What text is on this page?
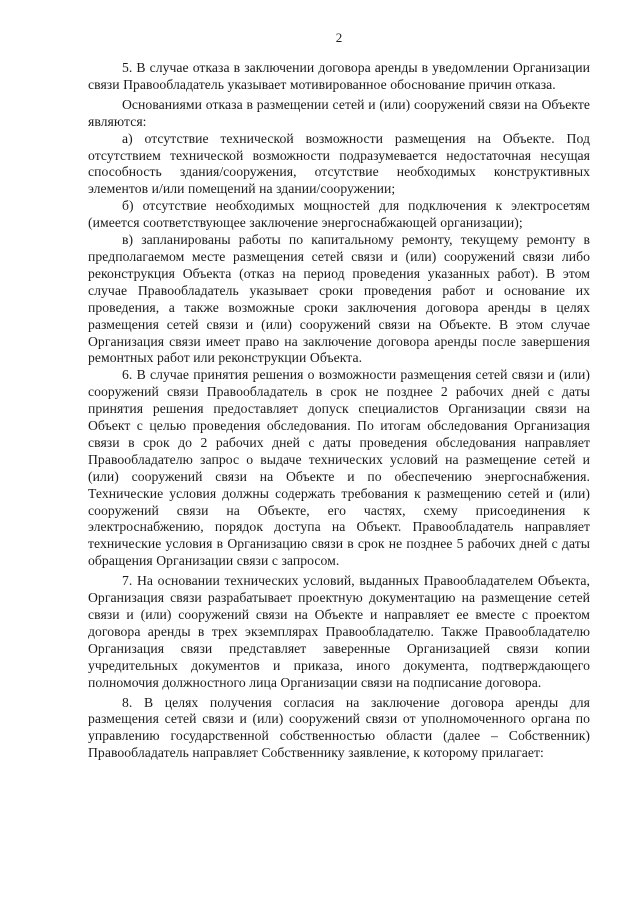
2

5. В случае отказа в заключении договора аренды в уведомлении Организации связи Правообладатель указывает мотивированное обоснование причин отказа.

Основаниями отказа в размещении сетей и (или) сооружений связи на Объекте являются:

а) отсутствие технической возможности размещения на Объекте. Под отсутствием технической возможности подразумевается недостаточная несущая способность здания/сооружения, отсутствие необходимых конструктивных элементов и/или помещений на здании/сооружении;

б) отсутствие необходимых мощностей для подключения к электросетям (имеется соответствующее заключение энергоснабжающей организации);

в) запланированы работы по капитальному ремонту, текущему ремонту в предполагаемом месте размещения сетей связи и (или) сооружений связи либо реконструкция Объекта (отказ на период проведения указанных работ). В этом случае Правообладатель указывает сроки проведения работ и основание их проведения, а также возможные сроки заключения договора аренды в целях размещения сетей связи и (или) сооружений связи на Объекте. В этом случае Организация связи имеет право на заключение договора аренды после завершения ремонтных работ или реконструкции Объекта.

6. В случае принятия решения о возможности размещения сетей связи и (или) сооружений связи Правообладатель в срок не позднее 2 рабочих дней с даты принятия решения предоставляет допуск специалистов Организации связи на Объект с целью проведения обследования. По итогам обследования Организация связи в срок до 2 рабочих дней с даты проведения обследования направляет Правообладателю запрос о выдаче технических условий на размещение сетей и (или) сооружений связи на Объекте и по обеспечению энергоснабжения. Технические условия должны содержать требования к размещению сетей и (или) сооружений связи на Объекте, его частях, схему присоединения к электроснабжению, порядок доступа на Объект. Правообладатель направляет технические условия в Организацию связи в срок не позднее 5 рабочих дней с даты обращения Организации связи с запросом.

7. На основании технических условий, выданных Правообладателем Объекта, Организация связи разрабатывает проектную документацию на размещение сетей связи и (или) сооружений связи на Объекте и направляет ее вместе с проектом договора аренды в трех экземплярах Правообладателю. Также Правообладателю Организация связи представляет заверенные Организацией связи копии учредительных документов и приказа, иного документа, подтверждающего полномочия должностного лица Организации связи на подписание договора.

8. В целях получения согласия на заключение договора аренды для размещения сетей связи и (или) сооружений связи от уполномоченного органа по управлению государственной собственностью области (далее – Собственник) Правообладатель направляет Собственнику заявление, к которому прилагает:
